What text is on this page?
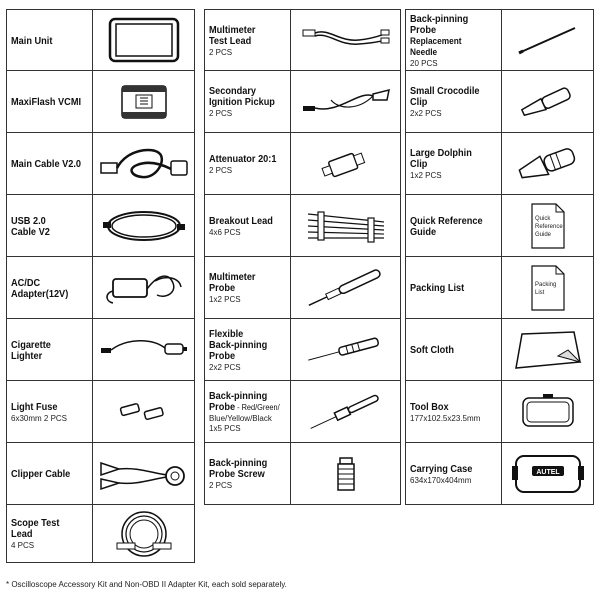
Main Unit
MaxiFlash VCMI
Main Cable V2.0
USB 2.0
Cable V2
AC/DC
Adapter(12V)
Cigarette Lighter
Light Fuse
6x30mm 2 PCS
Clipper Cable
Scope Test Lead
4 PCS
Multimeter
Test Lead
2 PCS
Secondary
Ignition Pickup
2 PCS
Attenuator 20:1
2 PCS
Breakout Lead
4x6 PCS
Multimeter
Probe
1x2 PCS
Flexible
Back-pinning
Probe
2x2 PCS
Back-pinning
Probe - Red/Green/
Blue/Yellow/Black
1x5 PCS
Back-pinning
Probe Screw
2 PCS
Back-pinning
Probe
Replacement
Needle
20 PCS
Small Crocodile
Clip
2x2 PCS
Large Dolphin
Clip
1x2 PCS
Quick Reference
Guide
Quick
Reference
Guide
Packing List	Packing
List
Soft Cloth
Tool Box
177x102.5x23.5mm
Carrying Case
634x170x404mm
AUTEL
* Oscilloscope Accessory Kit and Non-OBD II Adapter Kit, each sold separately.
